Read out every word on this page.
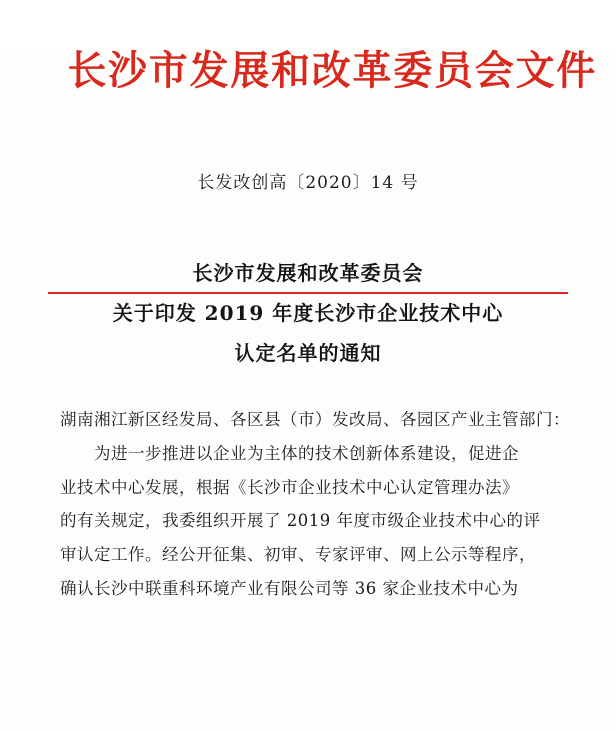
长沙市发展和改革委员会文件
长发改创高〔2020〕14 号
长沙市发展和改革委员会
关于印发 2019 年度长沙市企业技术中心
认定名单的通知
湖南湘江新区经发局、各区县（市）发改局、各园区产业主管部门：
为进一步推进以企业为主体的技术创新体系建设，促进企
业技术中心发展，根据《长沙市企业技术中心认定管理办法》
的有关规定，我委组织开展了 2019 年度市级企业技术中心的评
审认定工作。经公开征集、初审、专家评审、网上公示等程序，
确认长沙中联重科环境产业有限公司等 36 家企业技术中心为
